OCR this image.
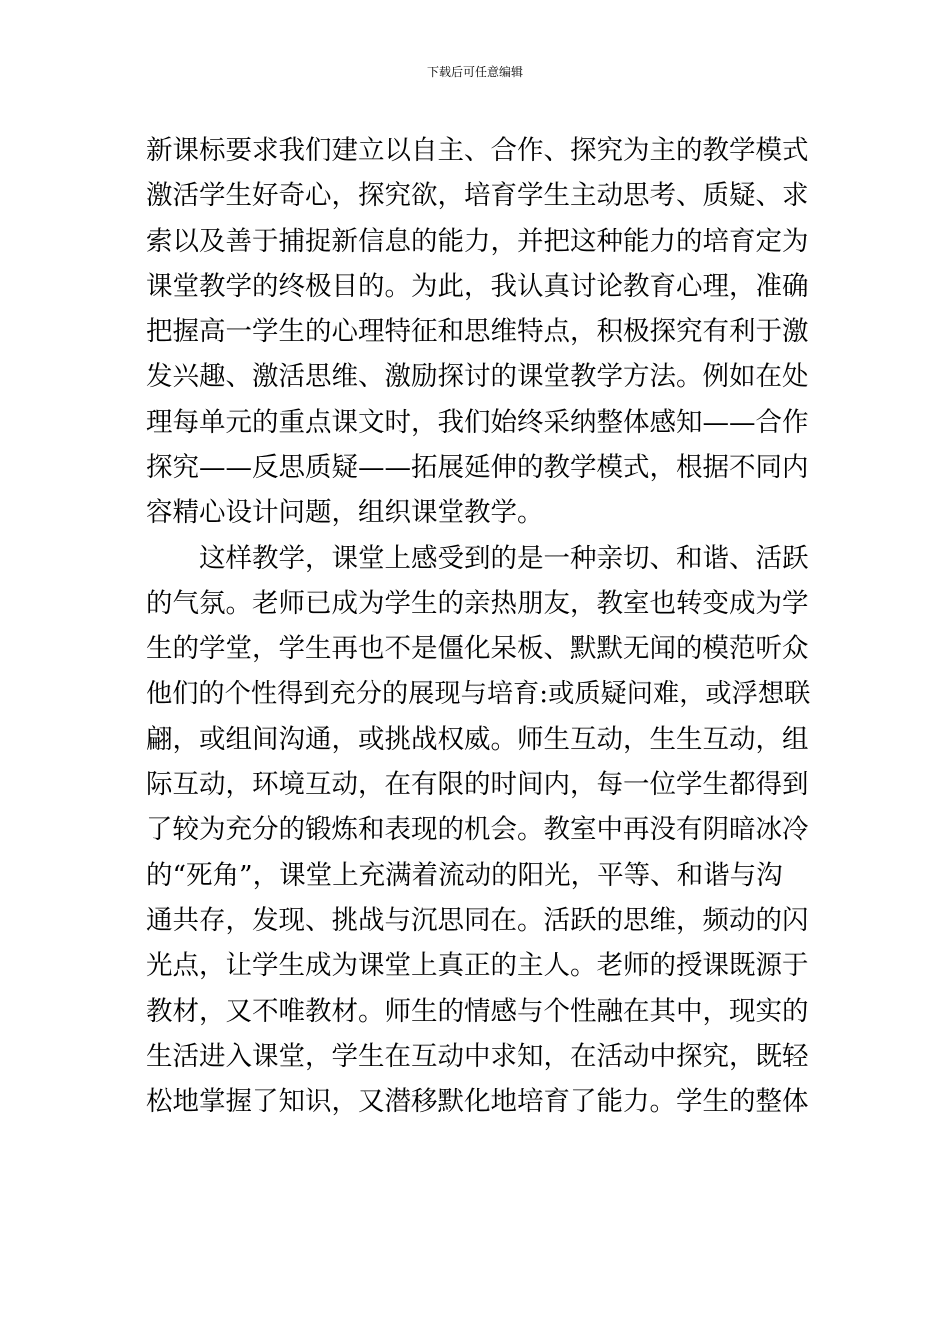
下载后可任意编辑
新课标要求我们建立以自主、合作、探究为主的教学模式
激活学生好奇心，探究欲，培育学生主动思考、质疑、求
索以及善于捕捉新信息的能力，并把这种能力的培育定为
课堂教学的终极目的。为此，我认真讨论教育心理，准确
把握高一学生的心理特征和思维特点，积极探究有利于激
发兴趣、激活思维、激励探讨的课堂教学方法。例如在处
理每单元的重点课文时，我们始终采纳整体感知——合作
探究——反思质疑——拓展延伸的教学模式，根据不同内
容精心设计问题，组织课堂教学。
这样教学，课堂上感受到的是一种亲切、和谐、活跃
的气氛。老师已成为学生的亲热朋友，教室也转变成为学
生的学堂，学生再也不是僵化呆板、默默无闻的模范听众
他们的个性得到充分的展现与培育:或质疑问难，或浮想联
翩，或组间沟通，或挑战权威。师生互动，生生互动，组
际互动，环境互动，在有限的时间内，每一位学生都得到
了较为充分的锻炼和表现的机会。教室中再没有阴暗冰冷
的“死角”，课堂上充满着流动的阳光，平等、和谐与沟
通共存，发现、挑战与沉思同在。活跃的思维，频动的闪
光点，让学生成为课堂上真正的主人。老师的授课既源于
教材，又不唯教材。师生的情感与个性融在其中，现实的
生活进入课堂，学生在互动中求知，在活动中探究，既轻
松地掌握了知识，又潜移默化地培育了能力。学生的整体
